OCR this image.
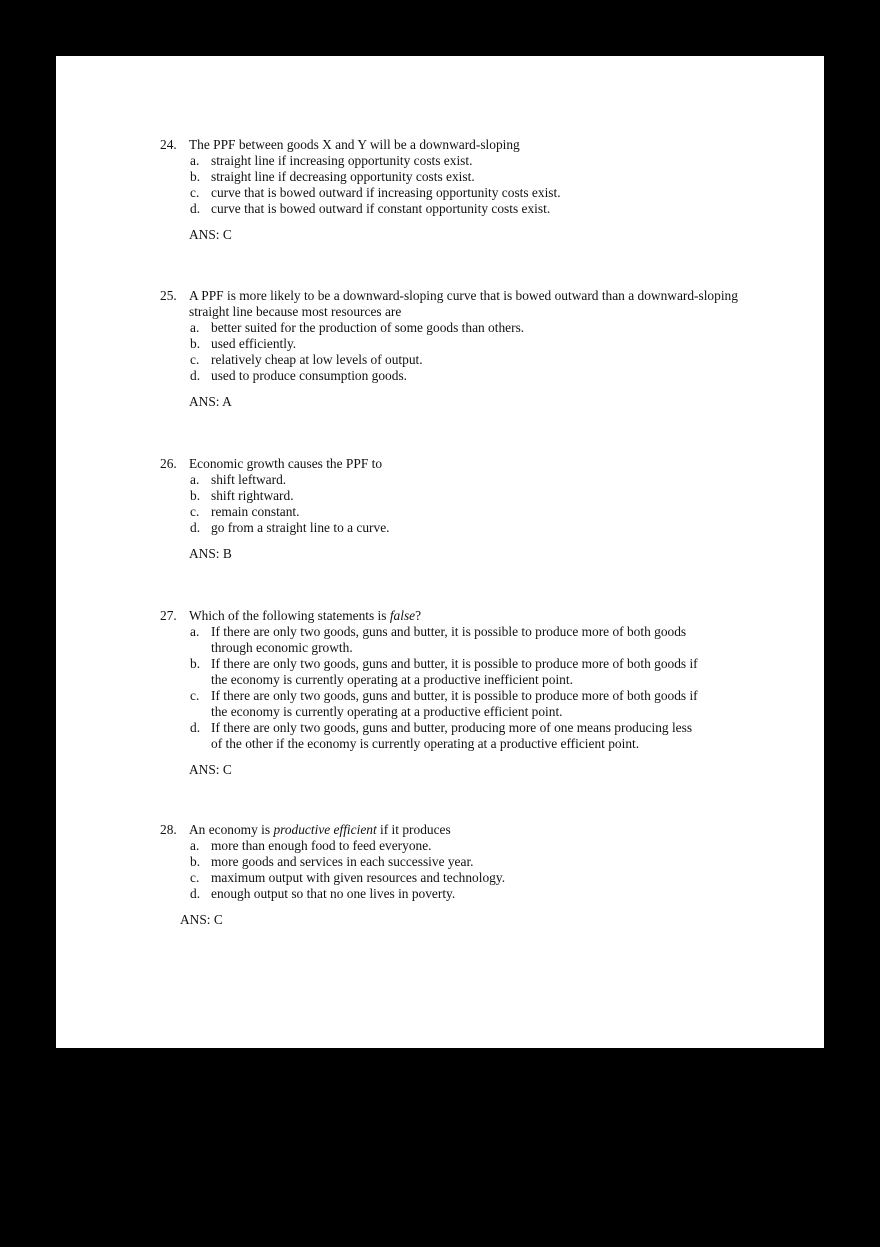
24. The PPF between goods X and Y will be a downward-sloping
a. straight line if increasing opportunity costs exist.
b. straight line if decreasing opportunity costs exist.
c. curve that is bowed outward if increasing opportunity costs exist.
d. curve that is bowed outward if constant opportunity costs exist.
ANS: C
25. A PPF is more likely to be a downward-sloping curve that is bowed outward than a downward-sloping
straight line because most resources are
a. better suited for the production of some goods than others.
b. used efficiently.
c. relatively cheap at low levels of output.
d. used to produce consumption goods.
ANS: A
26. Economic growth causes the PPF to
a. shift leftward.
b. shift rightward.
c. remain constant.
d. go from a straight line to a curve.
ANS: B
27. Which of the following statements is false?
a. If there are only two goods, guns and butter, it is possible to produce more of both goods
through economic growth.
b. If there are only two goods, guns and butter, it is possible to produce more of both goods if
the economy is currently operating at a productive inefficient point.
c. If there are only two goods, guns and butter, it is possible to produce more of both goods if
the economy is currently operating at a productive efficient point.
d. If there are only two goods, guns and butter, producing more of one means producing less
of the other if the economy is currently operating at a productive efficient point.
ANS: C
28. An economy is productive efficient if it produces
a. more than enough food to feed everyone.
b. more goods and services in each successive year.
c. maximum output with given resources and technology.
d. enough output so that no one lives in poverty.
ANS: C
